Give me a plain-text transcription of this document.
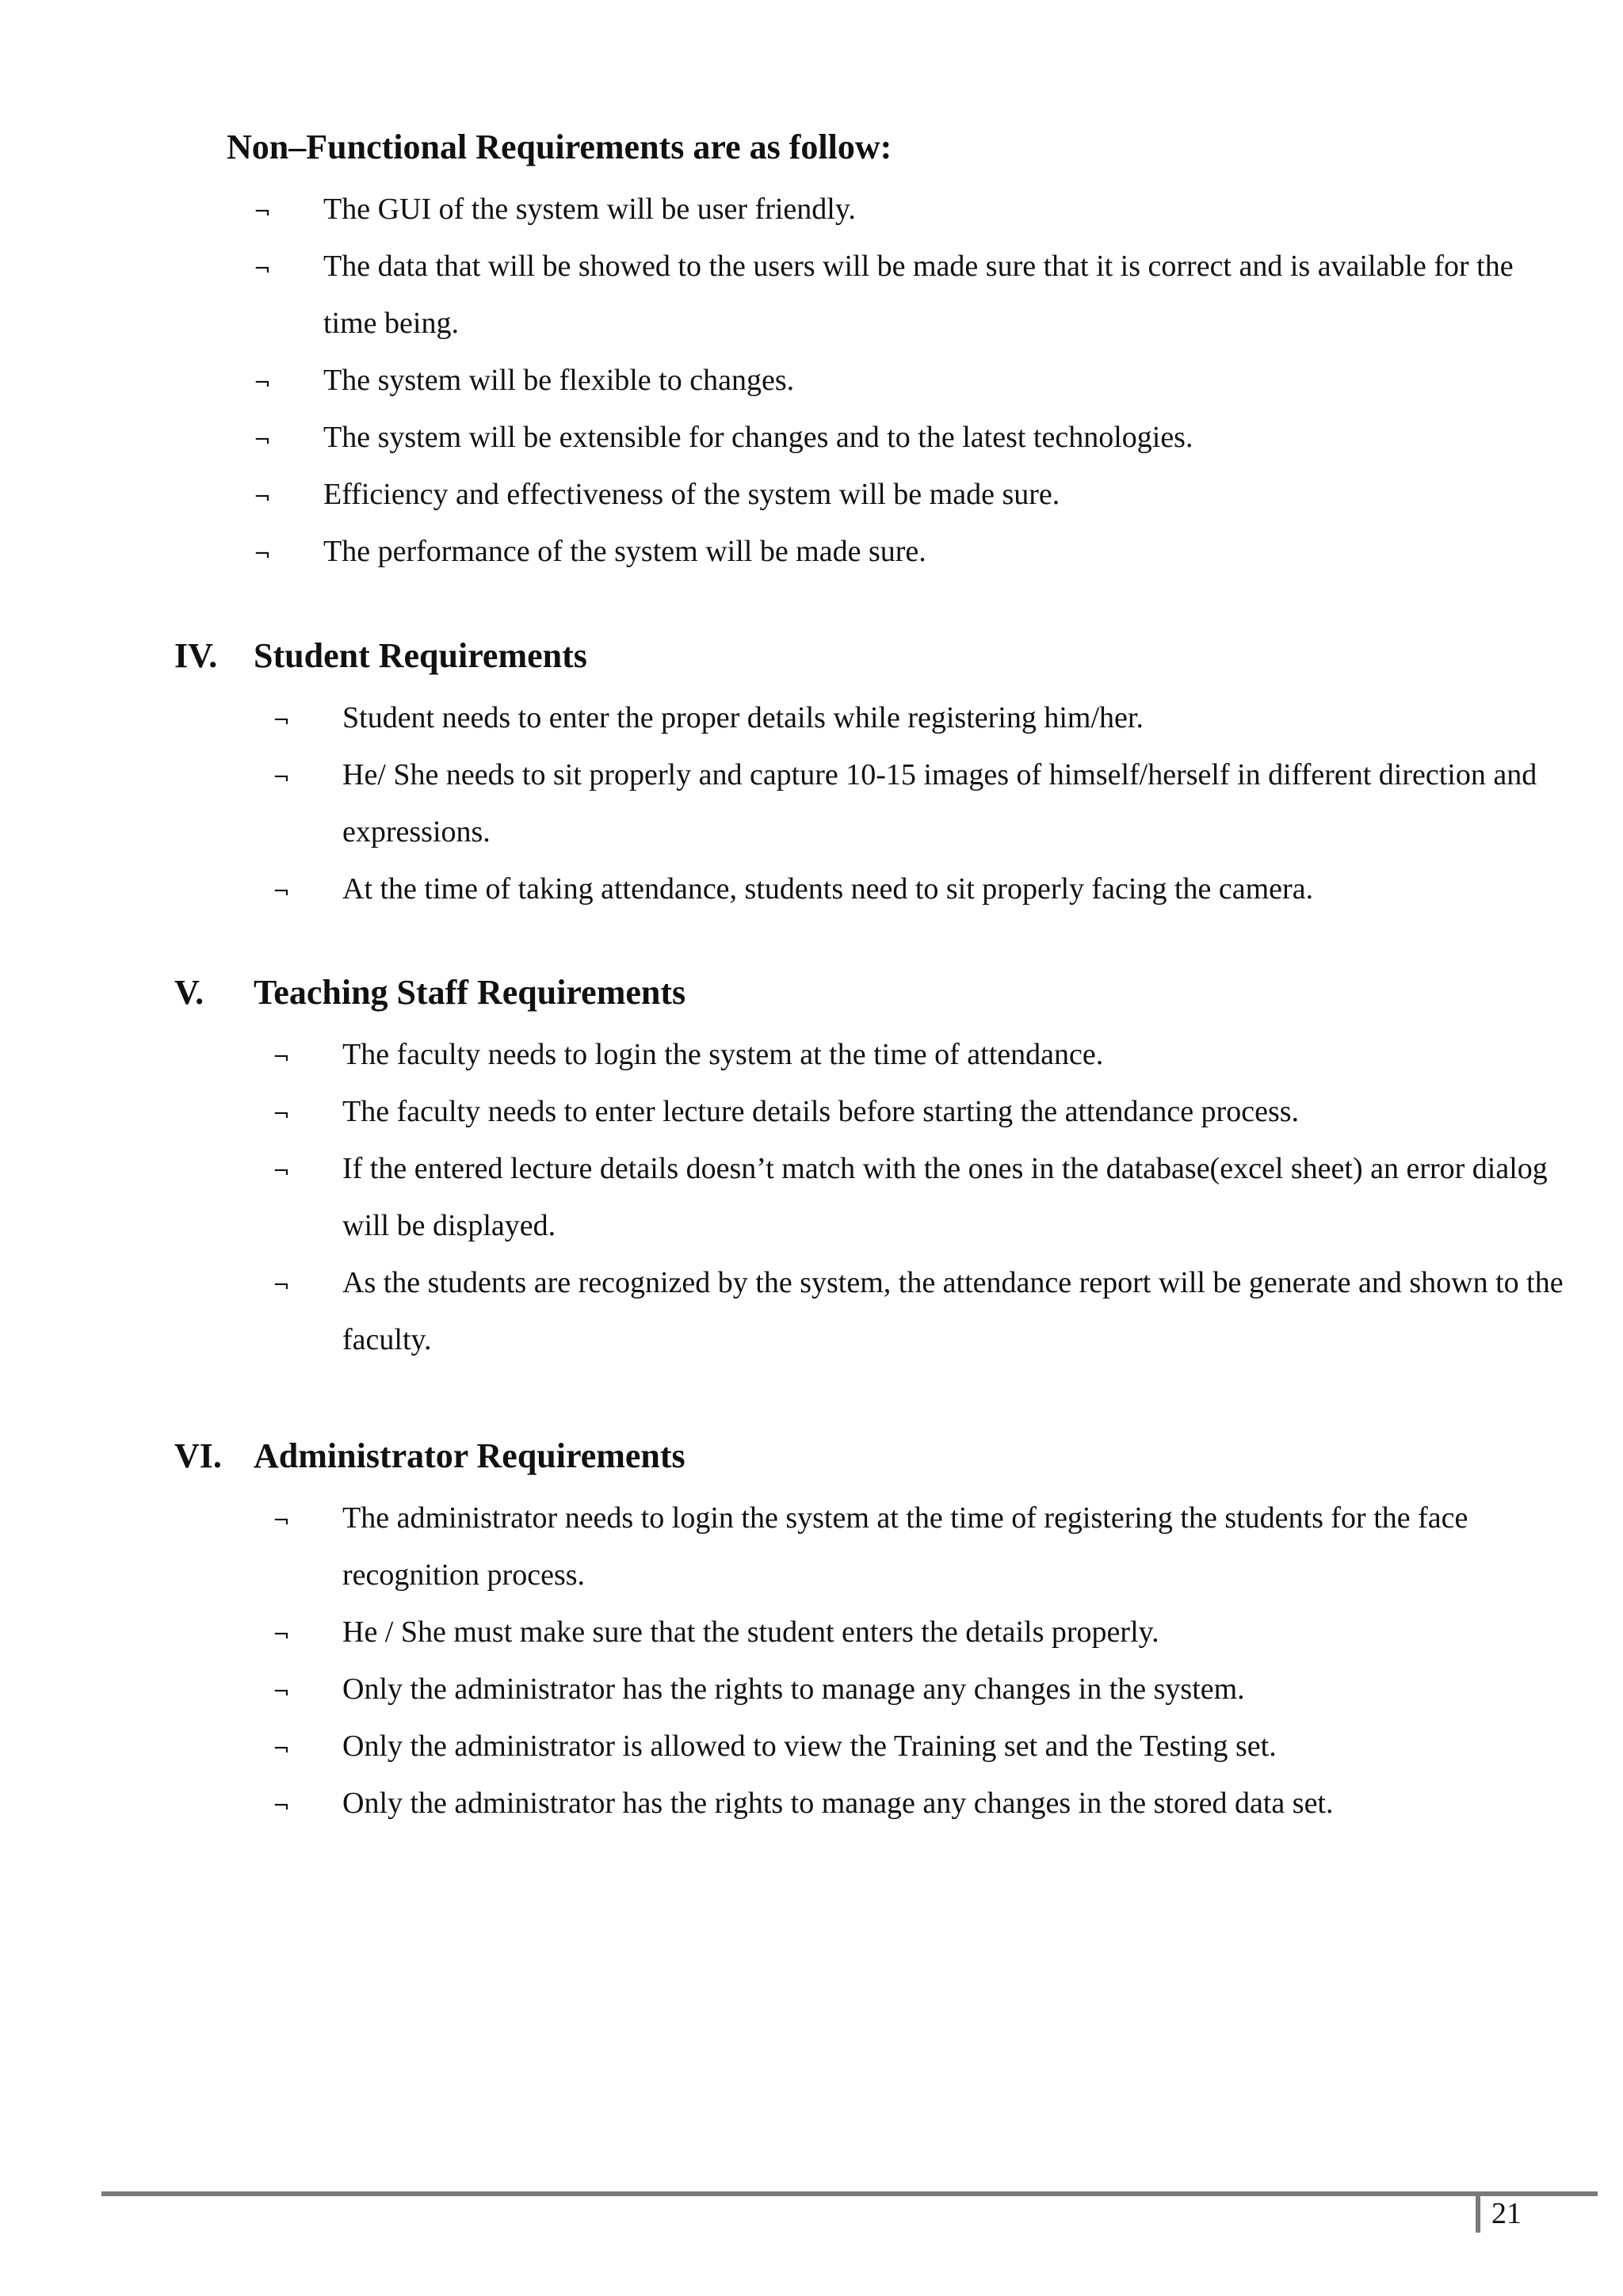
Non–Functional Requirements are as follow:
¬	The GUI of the system will be user friendly.
¬	The data that will be showed to the users will be made sure that it is correct and is available for the time being.
¬	The system will be flexible to changes.
¬	The system will be extensible for changes and to the latest technologies.
¬	Efficiency and effectiveness of the system will be made sure.
¬	The performance of the system will be made sure.
IV. Student Requirements
¬	Student needs to enter the proper details while registering him/her.
¬	He/ She needs to sit properly and capture 10-15 images of himself/herself in different direction and expressions.
¬	At the time of taking attendance, students need to sit properly facing the camera.
V. Teaching Staff Requirements
¬	The faculty needs to login the system at the time of attendance.
¬	The faculty needs to enter lecture details before starting the attendance process.
¬	If the entered lecture details doesn’t match with the ones in the database(excel sheet) an error dialog will be displayed.
¬	As the students are recognized by the system, the attendance report will be generate and shown to the faculty.
VI. Administrator Requirements
¬	The administrator needs to login the system at the time of registering the students for the face recognition process.
¬	He / She must make sure that the student enters the details properly.
¬	Only the administrator has the rights to manage any changes in the system.
¬	Only the administrator is allowed to view the Training set and the Testing set.
¬	Only the administrator has the rights to manage any changes in the stored data set.
21
